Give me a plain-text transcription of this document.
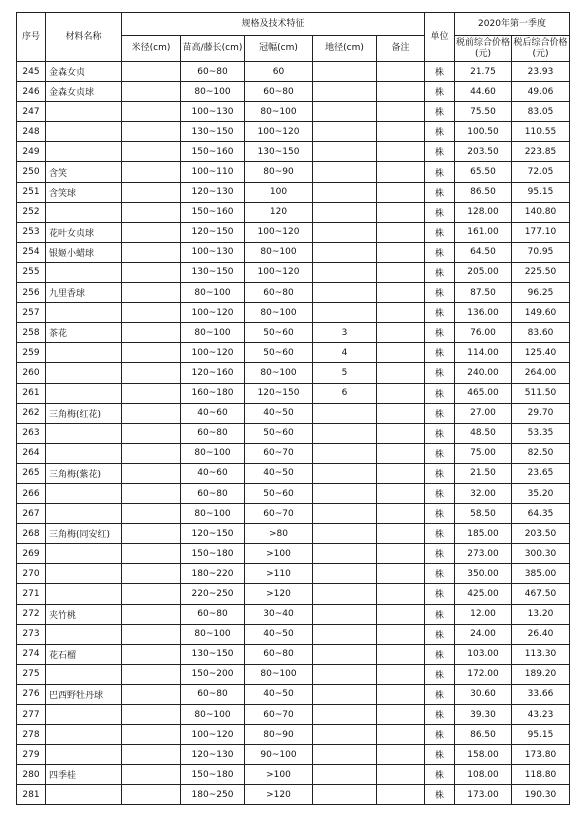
序号	材料名称	规格及技术特征					单位	2020年第一季度	
		米径(cm)	苗高/藤长(cm)	冠幅(cm)	地径(cm)	备注		税前综合价格(元)	税后综合价格(元)
245	金森女贞		60~80	60			株	21.75	23.93
246	金森女贞球		80~100	60~80			株	44.60	49.06
247			100~130	80~100			株	75.50	83.05
248			130~150	100~120			株	100.50	110.55
249			150~160	130~150			株	203.50	223.85
250	含笑		100~110	80~90			株	65.50	72.05
251	含笑球		120~130	100			株	86.50	95.15
252			150~160	120			株	128.00	140.80
253	花叶女贞球		120~150	100~120			株	161.00	177.10
254	银姬小蜡球		100~130	80~100			株	64.50	70.95
255			130~150	100~120			株	205.00	225.50
256	九里香球		80~100	60~80			株	87.50	96.25
257			100~120	80~100			株	136.00	149.60
258	茶花		80~100	50~60	3		株	76.00	83.60
259			100~120	50~60	4		株	114.00	125.40
260			120~160	80~100	5		株	240.00	264.00
261			160~180	120~150	6		株	465.00	511.50
262	三角梅(红花)		40~60	40~50			株	27.00	29.70
263			60~80	50~60			株	48.50	53.35
264			80~100	60~70			株	75.00	82.50
265	三角梅(紫花)		40~60	40~50			株	21.50	23.65
266			60~80	50~60			株	32.00	35.20
267			80~100	60~70			株	58.50	64.35
268	三角梅(同安红)		120~150	>80			株	185.00	203.50
269			150~180	>100			株	273.00	300.30
270			180~220	>110			株	350.00	385.00
271			220~250	>120			株	425.00	467.50
272	夹竹桃		60~80	30~40			株	12.00	13.20
273			80~100	40~50			株	24.00	26.40
274	花石榴		130~150	60~80			株	103.00	113.30
275			150~200	80~100			株	172.00	189.20
276	巴西野牡丹球		60~80	40~50			株	30.60	33.66
277			80~100	60~70			株	39.30	43.23
278			100~120	80~90			株	86.50	95.15
279			120~130	90~100			株	158.00	173.80
280	四季桂		150~180	>100			株	108.00	118.80
281			180~250	>120			株	173.00	190.30
